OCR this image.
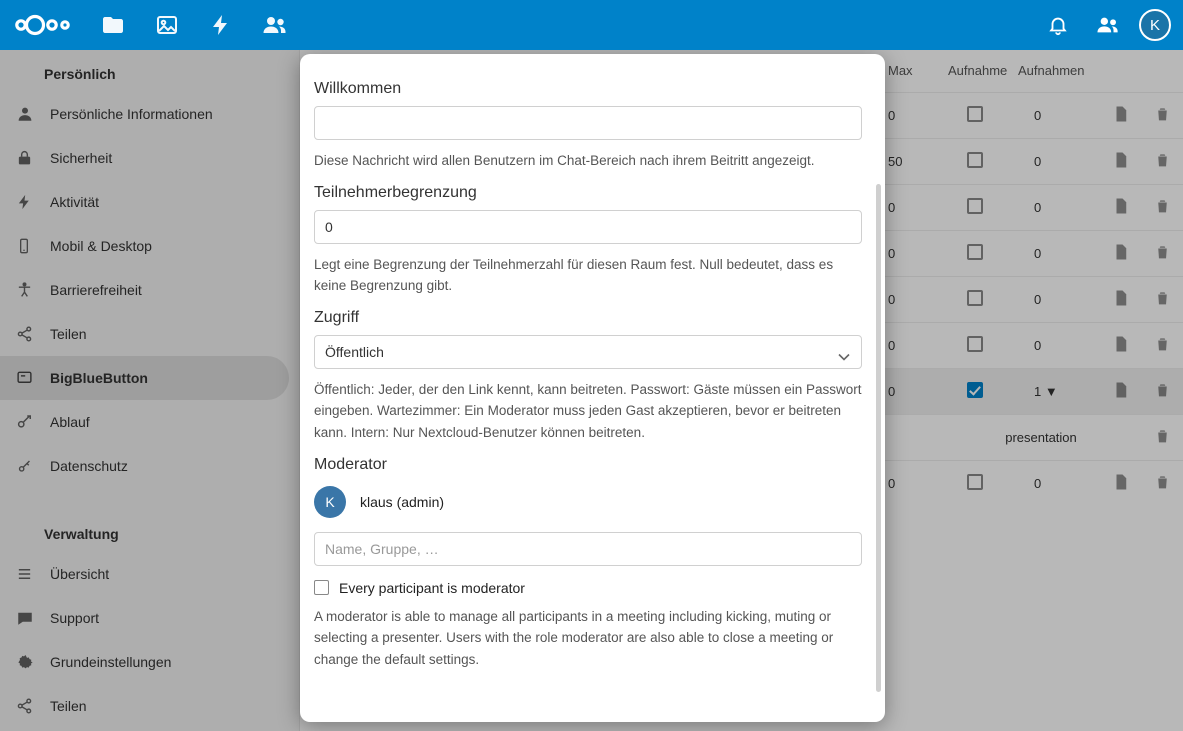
K
Persönlich
Persönliche Informationen
Sicherheit
Aktivität
Mobil & Desktop
Barrierefreiheit
Teilen
BigBlueButton
Ablauf
Datenschutz
Verwaltung
Übersicht
Support
Grundeinstellungen
Teilen
	Max	Aufnahme	Aufnahmen		
	0		0	

	50		0	

	0		0	

	0		0	

	0		0	

	0		0	

	0		1 ▼	

		presentation	

	0		0	

Willkommen
Diese Nachricht wird allen Benutzern im Chat-Bereich nach ihrem Beitritt angezeigt.
Teilnehmerbegrenzung
0
Legt eine Begrenzung der Teilnehmerzahl für diesen Raum fest. Null bedeutet, dass es keine Begrenzung gibt.
Zugriff
Öffentlich
Öffentlich: Jeder, der den Link kennt, kann beitreten. Passwort: Gäste müssen ein Passwort eingeben. Wartezimmer: Ein Moderator muss jeden Gast akzeptieren, bevor er beitreten kann. Intern: Nur Nextcloud-Benutzer können beitreten.
Moderator
K klaus (admin)
Name, Gruppe, …
Every participant is moderator
A moderator is able to manage all participants in a meeting including kicking, muting or selecting a presenter. Users with the role moderator are also able to close a meeting or change the default settings.
